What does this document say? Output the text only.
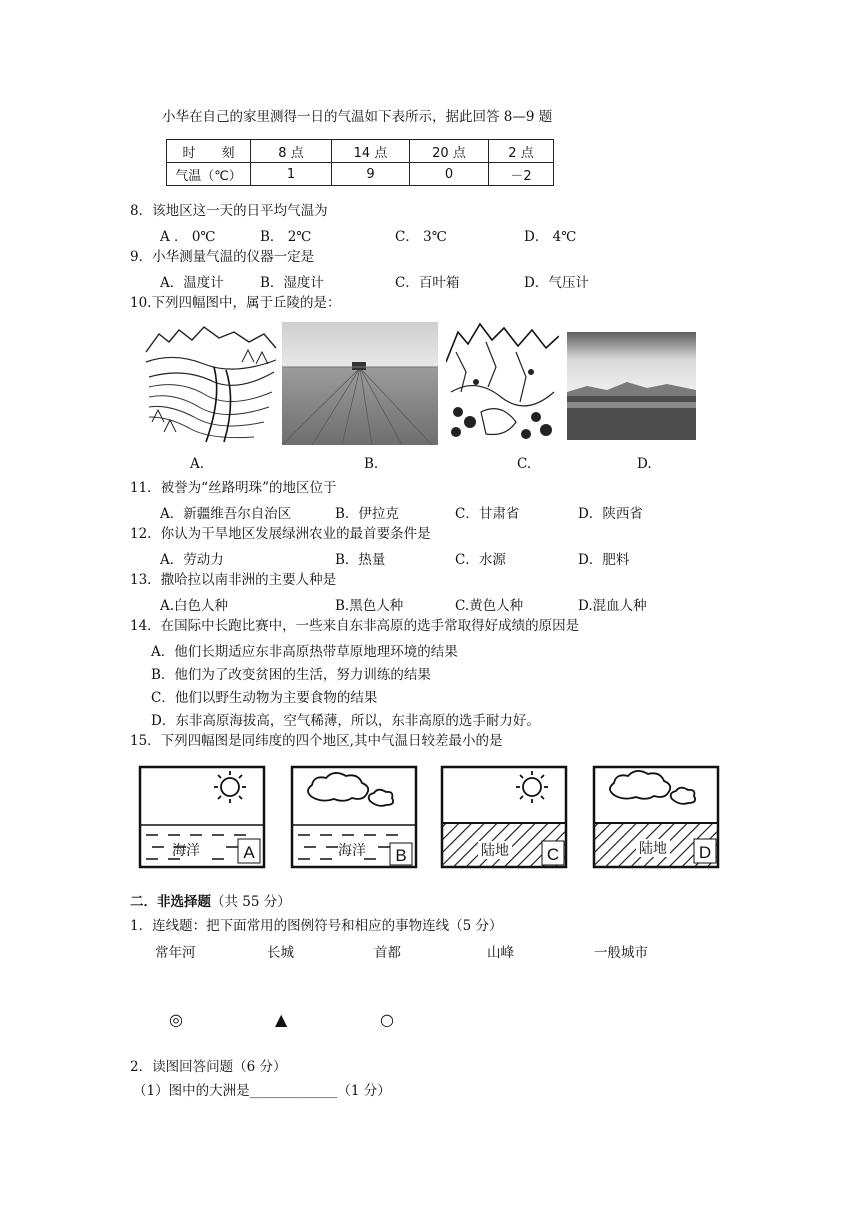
小华在自己的家里测得一日的气温如下表所示，据此回答 8—9 题
时　　刻	8 点	14 点	20 点	2 点
气温（℃）	1	9	0	－2
8．该地区这一天的日平均气温为
A ． 0℃	B． 2℃	C． 3℃	D． 4℃
9．小华测量气温的仪器一定是
A．温度计	B．湿度计	C．百叶箱	D．气压计
10.下列四幅图中，属于丘陵的是：
A.	B.	C.	D.
11．被誉为“丝路明珠”的地区位于
A．新疆维吾尔自治区	B．伊拉克	C．甘肃省	D．陕西省
12．你认为干旱地区发展绿洲农业的最首要条件是
A．劳动力	B．热量	C．水源	D．肥料
13．撒哈拉以南非洲的主要人种是
A.白色人种	B.黑色人种	C.黄色人种	D.混血人种
14．在国际中长跑比赛中，一些来自东非高原的选手常取得好成绩的原因是
A．他们长期适应东非高原热带草原地理环境的结果
B．他们为了改变贫困的生活，努力训练的结果
C．他们以野生动物为主要食物的结果
D．东非高原海拔高，空气稀薄，所以，东非高原的选手耐力好。
15．下列四幅图是同纬度的四个地区,其中气温日较差最小的是
海洋	A	海洋 B	陆地 C	陆地 D
二．非选择题（共 55 分）
1．连线题：把下面常用的图例符号和相应的事物连线（5 分）
常年河	长城	首都	山峰	一般城市
◎	▲	○
2．读图回答问题（6 分）
（1）图中的大洲是_____________（1 分）
